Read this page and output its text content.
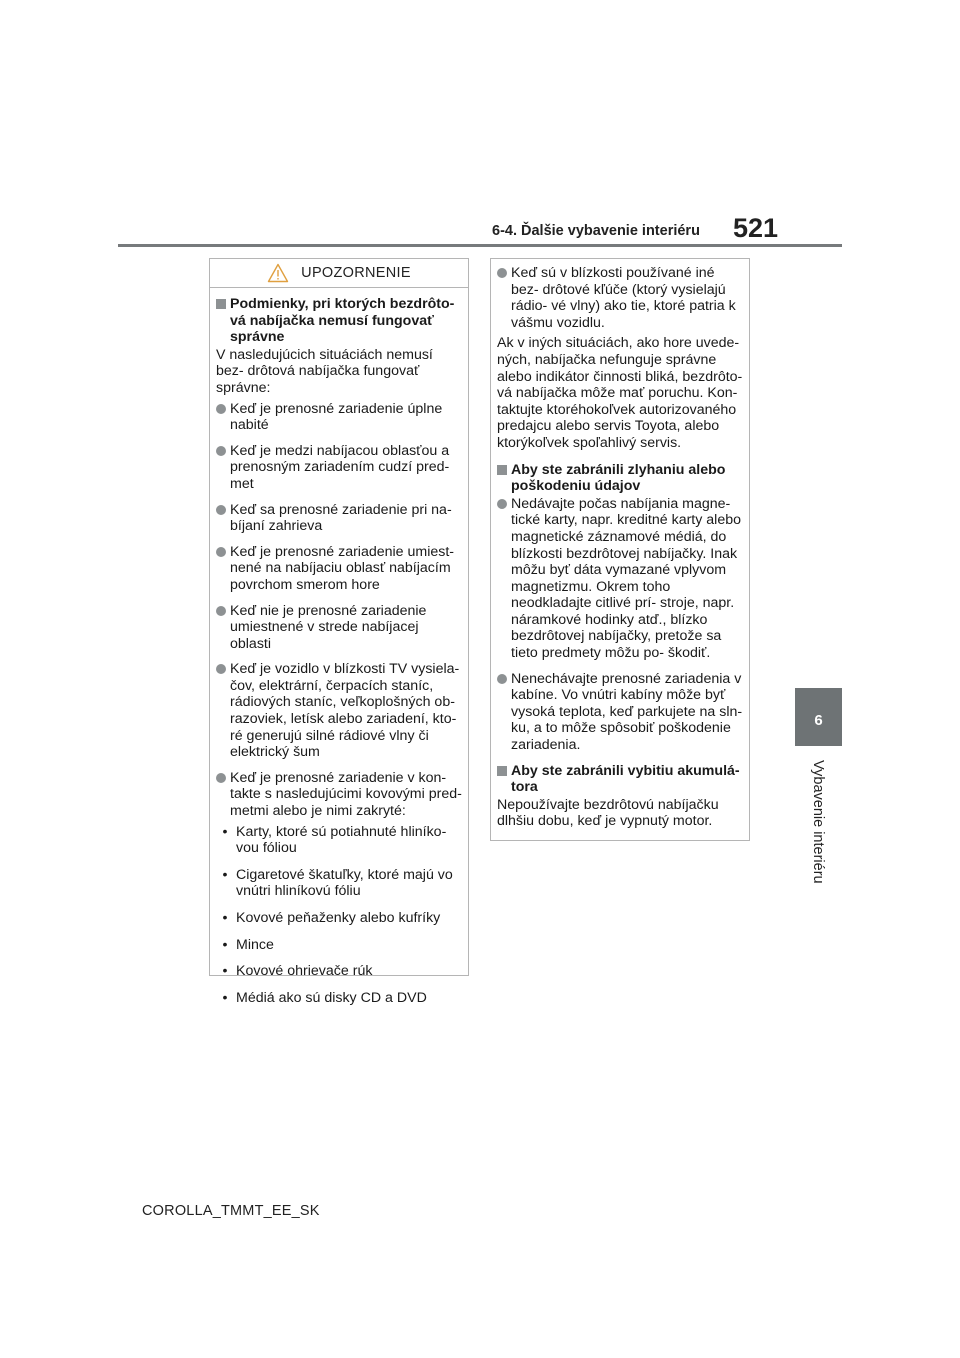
6-4. Ďalšie vybavenie interiéru 521
6
Vybavenie interiéru
UPOZORNENIE
Podmienky, pri ktorých bezdrôto- vá nabíjačka nemusí fungovať správne
V nasledujúcich situáciách nemusí bez- drôtová nabíjačka fungovať správne:
Keď je prenosné zariadenie úplne nabité
Keď je medzi nabíjacou oblasťou a prenosným zariadením cudzí pred- met
Keď sa prenosné zariadenie pri na- bíjaní zahrieva
Keď je prenosné zariadenie umiest- nené na nabíjaciu oblasť nabíjacím povrchom smerom hore
Keď nie je prenosné zariadenie umiestnené v strede nabíjacej oblasti
Keď je vozidlo v blízkosti TV vysiela- čov, elektrární, čerpacích staníc, rádiových staníc, veľkoplošných ob- razoviek, letísk alebo zariadení, kto- ré generujú silné rádiové vlny či elektrický šum
Keď je prenosné zariadenie v kon- takte s nasledujúcimi kovovými pred- metmi alebo je nimi zakryté:
• Karty, ktoré sú potiahnuté hliníko- vou fóliou
• Cigaretové škatuľky, ktoré majú vo vnútri hliníkovú fóliu
• Kovové peňaženky alebo kufríky
• Mince
• Kovové ohrievače rúk
• Médiá ako sú disky CD a DVD
Keď sú v blízkosti používané iné bez- drôtové kľúče (ktorý vysielajú rádio- vé vlny) ako tie, ktoré patria k vášmu vozidlu.
Ak v iných situáciách, ako hore uvede- ných, nabíjačka nefunguje správne alebo indikátor činnosti bliká, bezdrôto- vá nabíjačka môže mať poruchu. Kon- taktujte ktoréhokoľvek autorizovaného predajcu alebo servis Toyota, alebo ktorýkoľvek spoľahlivý servis.
Aby ste zabránili zlyhaniu alebo poškodeniu údajov
Nedávajte počas nabíjania magne- tické karty, napr. kreditné karty alebo magnetické záznamové médiá, do blízkosti bezdrôtovej nabíjačky. Inak môžu byť dáta vymazané vplyvom magnetizmu. Okrem toho neodkladajte citlivé prí- stroje, napr. náramkové hodinky atď., blízko bezdrôtovej nabíjačky, pretože sa tieto predmety môžu po- škodiť.
Nenechávajte prenosné zariadenia v kabíne. Vo vnútri kabíny môže byť vysoká teplota, keď parkujete na sln- ku, a to môže spôsobiť poškodenie zariadenia.
Aby ste zabránili vybitiu akumulá- tora
Nepoužívajte bezdrôtovú nabíjačku dlhšiu dobu, keď je vypnutý motor.
COROLLA_TMMT_EE_SK
